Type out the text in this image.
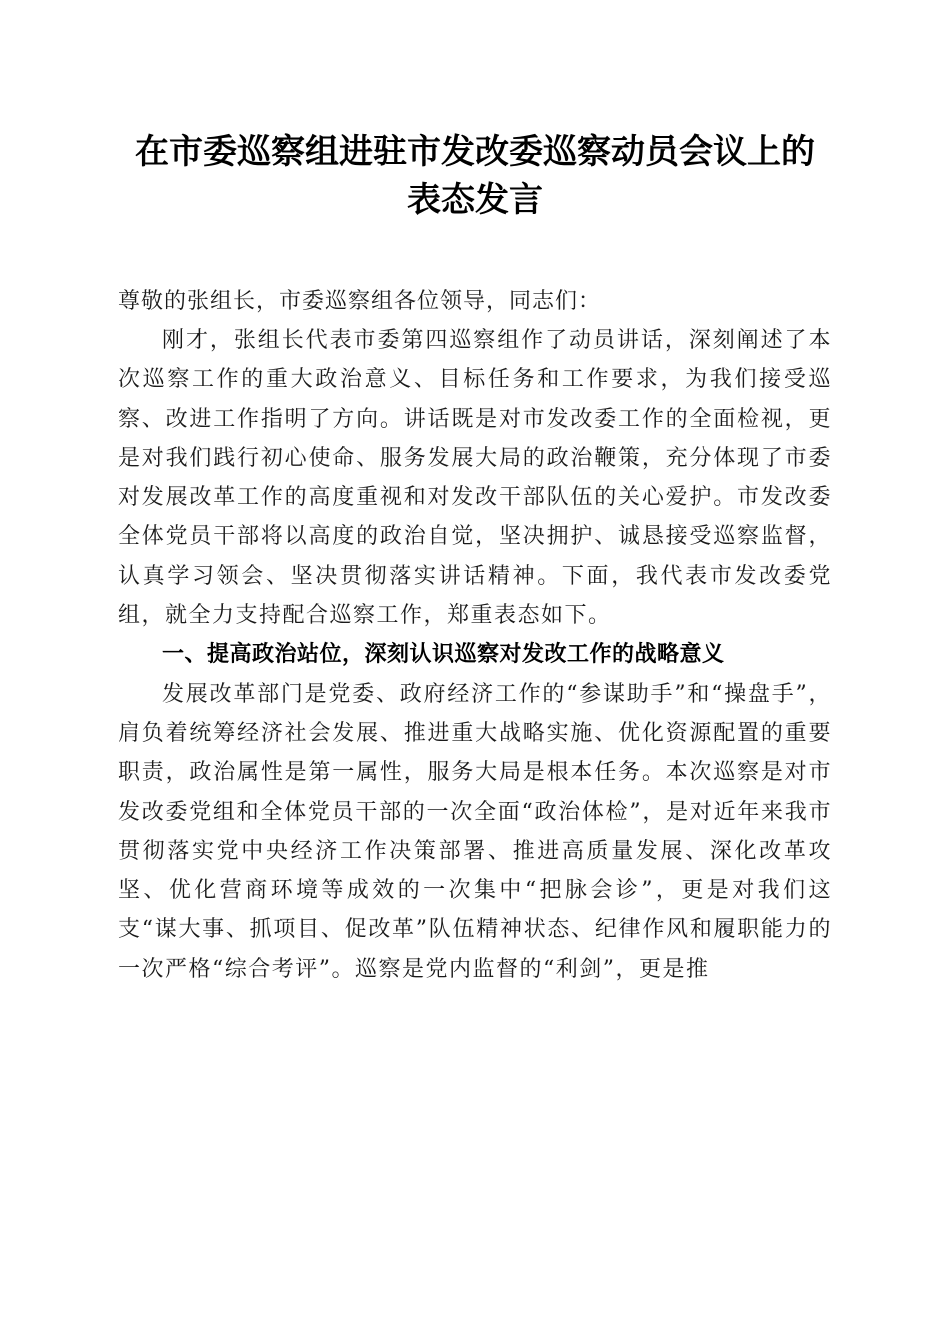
在市委巡察组进驻市发改委巡察动员会议上的
表态发言

尊敬的张组长，市委巡察组各位领导，同志们：

刚才，张组长代表市委第四巡察组作了动员讲话，深刻阐述了本次巡察工作的重大政治意义、目标任务和工作要求，为我们接受巡察、改进工作指明了方向。讲话既是对市发改委工作的全面检视，更是对我们践行初心使命、服务发展大局的政治鞭策，充分体现了市委对发展改革工作的高度重视和对发改干部队伍的关心爱护。市发改委全体党员干部将以高度的政治自觉，坚决拥护、诚恳接受巡察监督，认真学习领会、坚决贯彻落实讲话精神。下面，我代表市发改委党组，就全力支持配合巡察工作，郑重表态如下。

一、提高政治站位，深刻认识巡察对发改工作的战略意义

发展改革部门是党委、政府经济工作的“参谋助手”和“操盘手”，肩负着统筹经济社会发展、推进重大战略实施、优化资源配置的重要职责，政治属性是第一属性，服务大局是根本任务。本次巡察是对市发改委党组和全体党员干部的一次全面“政治体检”，是对近年来我市贯彻落实党中央经济工作决策部署、推进高质量发展、深化改革攻坚、优化营商环境等成效的一次集中“把脉会诊”，更是对我们这支“谋大事、抓项目、促改革”队伍精神状态、纪律作风和履职能力的一次严格“综合考评”。巡察是党内监督的“利剑”，更是推
